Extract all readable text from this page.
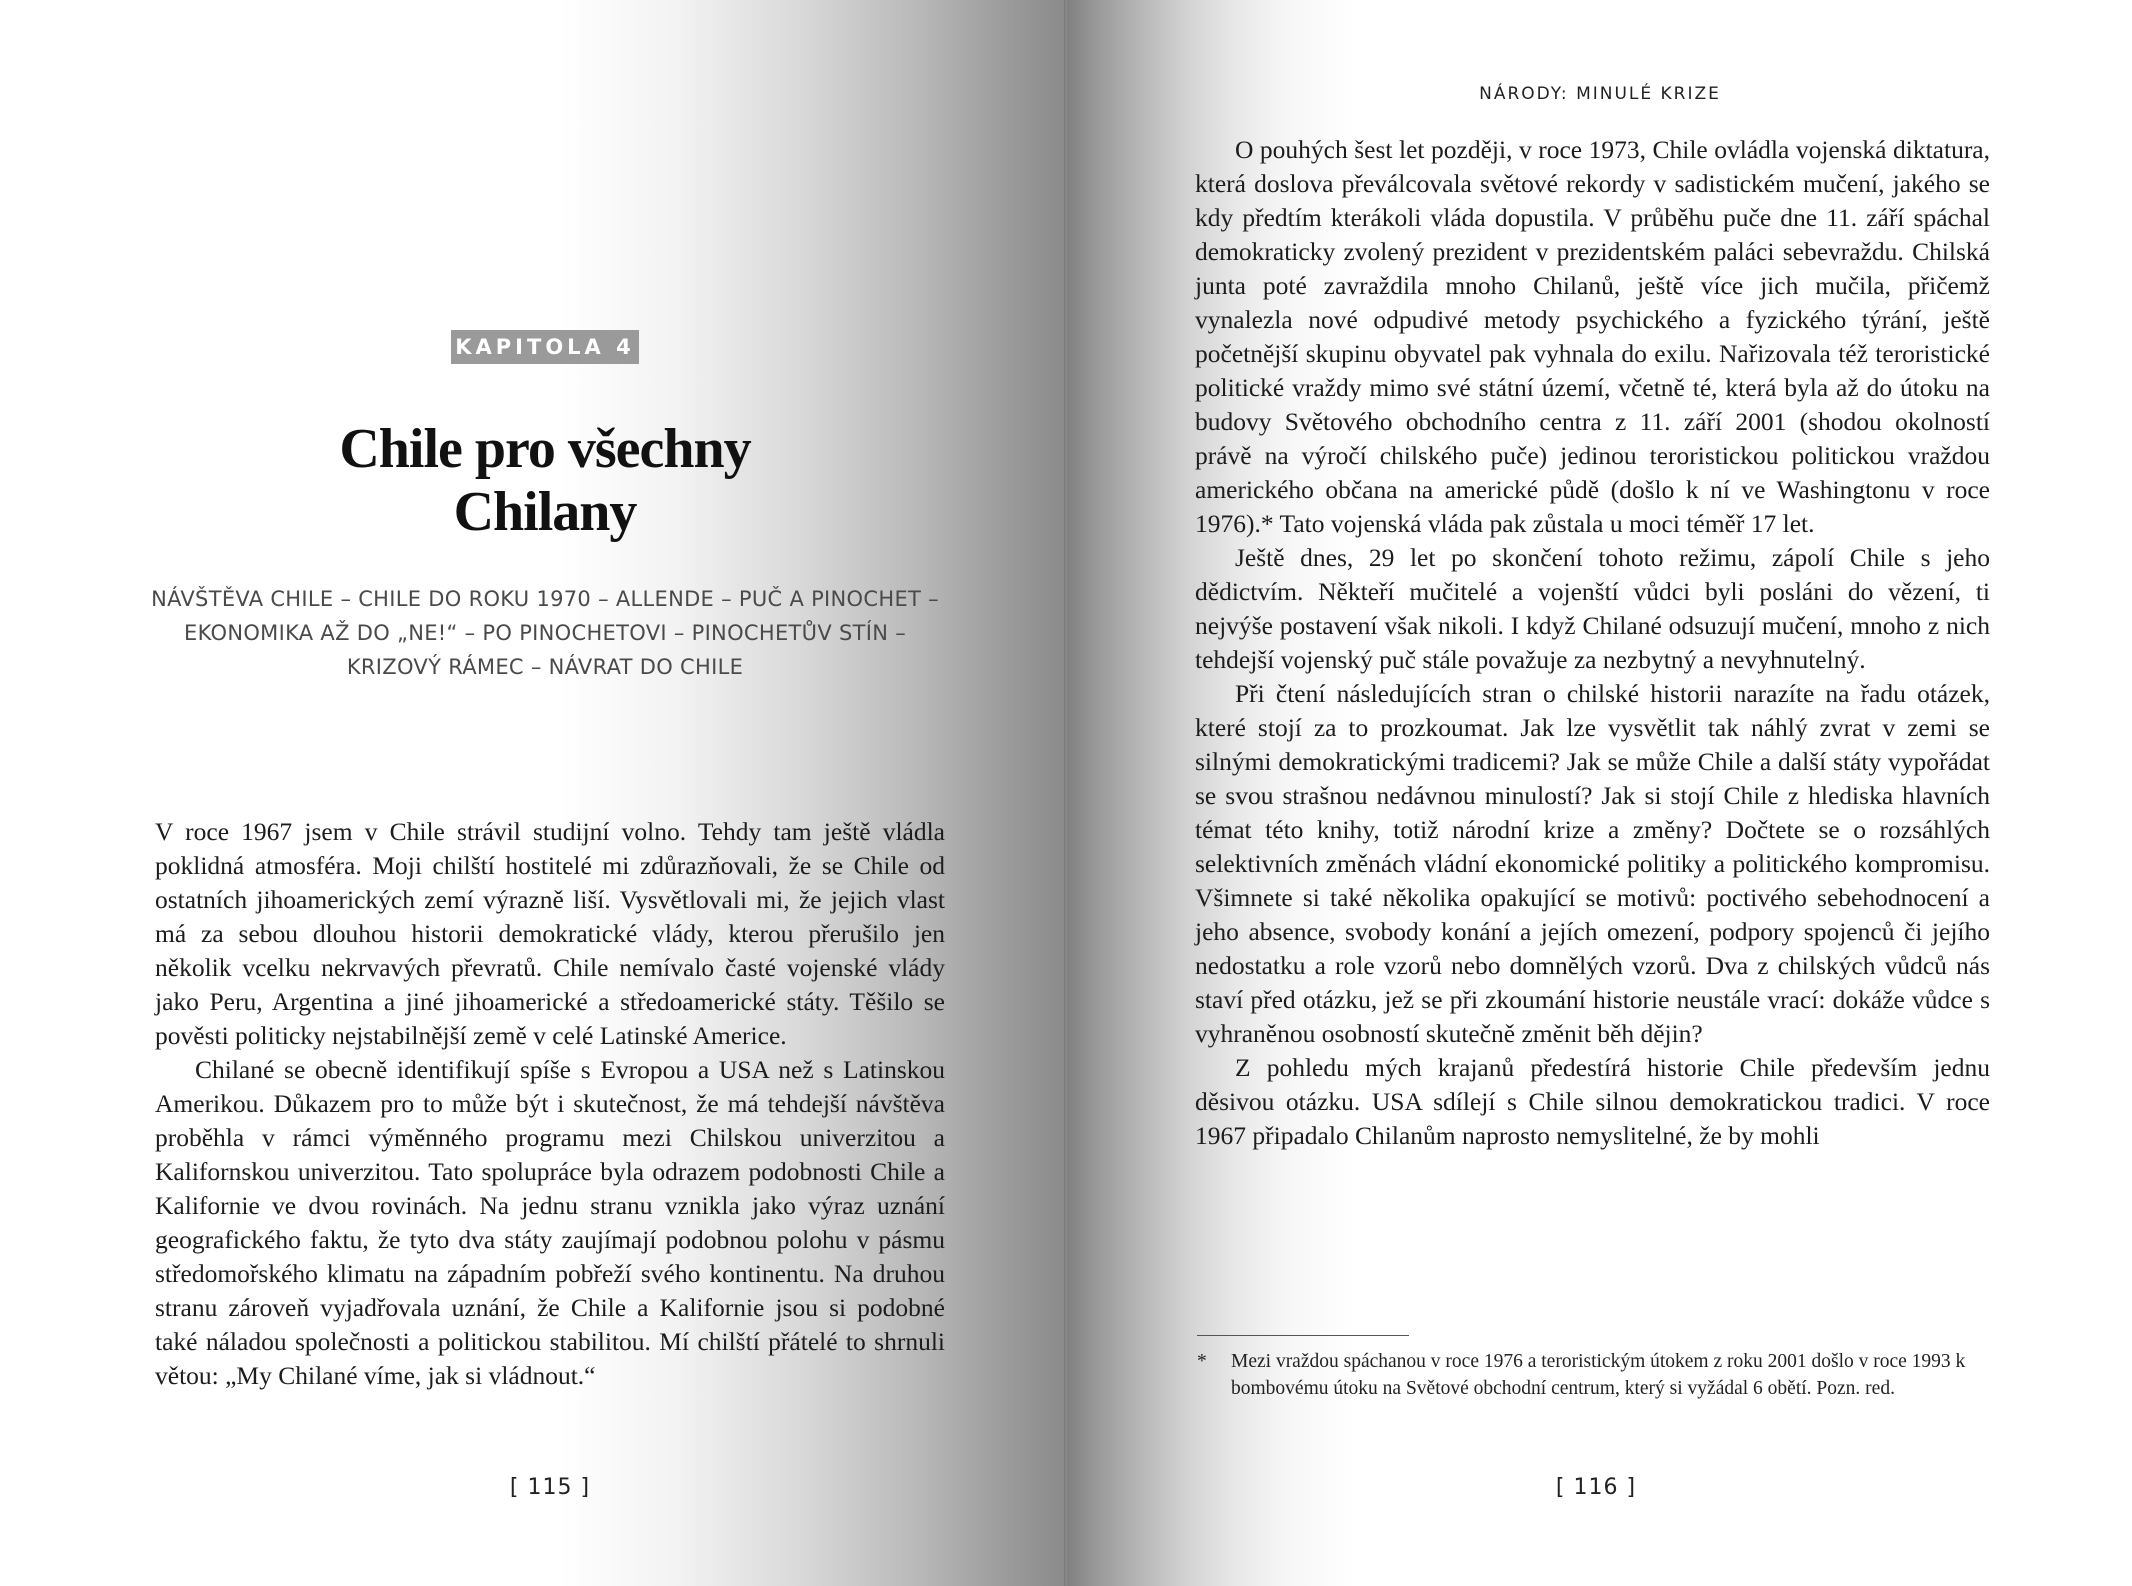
KAPITOLA 4
Chile pro všechny
Chilany
NÁVŠTĚVA CHILE – CHILE DO ROKU 1970 – ALLENDE – PUČ A PINOCHET –
EKONOMIKA AŽ DO „NE!“ – PO PINOCHETOVI – PINOCHETŮV STÍN –
KRIZOVÝ RÁMEC – NÁVRAT DO CHILE

V roce 1967 jsem v Chile strávil studijní volno. Tehdy tam ještě vládla poklidná atmosféra. Moji chilští hostitelé mi zdůrazňovali, že se Chile od ostatních jihoamerických zemí výrazně liší. Vysvětlovali mi, že jejich vlast má za sebou dlouhou historii demokratické vlády, kterou přerušilo jen několik vcelku nekrvavých převratů. Chile nemívalo časté vojenské vlády jako Peru, Argentina a jiné jihoamerické a středoamerické státy. Těšilo se pověsti politicky nejstabilnější země v celé Latinské Americe.

Chilané se obecně identifikují spíše s Evropou a USA než s Latinskou Amerikou. Důkazem pro to může být i skutečnost, že má tehdejší návštěva proběhla v rámci výměnného programu mezi Chilskou univerzitou a Kalifornskou univerzitou. Tato spolupráce byla odrazem podobnosti Chile a Kalifornie ve dvou rovinách. Na jednu stranu vznikla jako výraz uznání geografického faktu, že tyto dva státy zaujímají podobnou polohu v pásmu středomořského klimatu na západním pobřeží svého kontinentu. Na druhou stranu zároveň vyjadřovala uznání, že Chile a Kalifornie jsou si podobné také náladou společnosti a politickou stabilitou. Mí chilští přátelé to shrnuli větou: „My Chilané víme, jak si vládnout.“

[ 115 ]
NÁRODY: MINULÉ KRIZE

O pouhých šest let později, v roce 1973, Chile ovládla vojenská diktatura, která doslova převálcovala světové rekordy v sadistickém mučení, jakého se kdy předtím kterákoli vláda dopustila. V průběhu puče dne 11. září spáchal demokraticky zvolený prezident v prezidentském paláci sebevraždu. Chilská junta poté zavraždila mnoho Chilanů, ještě více jich mučila, přičemž vynalezla nové odpudivé metody psychického a fyzického týrání, ještě početnější skupinu obyvatel pak vyhnala do exilu. Nařizovala též teroristické politické vraždy mimo své státní území, včetně té, která byla až do útoku na budovy Světového obchodního centra z 11. září 2001 (shodou okolností právě na výročí chilského puče) jedinou teroristickou politickou vraždou amerického občana na americké půdě (došlo k ní ve Washingtonu v roce 1976).* Tato vojenská vláda pak zůstala u moci téměř 17 let.

Ještě dnes, 29 let po skončení tohoto režimu, zápolí Chile s jeho dědictvím. Někteří mučitelé a vojenští vůdci byli posláni do vězení, ti nejvýše postavení však nikoli. I když Chilané odsuzují mučení, mnoho z nich tehdejší vojenský puč stále považuje za nezbytný a nevyhnutelný.

Při čtení následujících stran o chilské historii narazíte na řadu otázek, které stojí za to prozkoumat. Jak lze vysvětlit tak náhlý zvrat v zemi se silnými demokratickými tradicemi? Jak se může Chile a další státy vypořádat se svou strašnou nedávnou minulostí? Jak si stojí Chile z hlediska hlavních témat této knihy, totiž národní krize a změny? Dočtete se o rozsáhlých selektivních změnách vládní ekonomické politiky a politického kompromisu. Všimnete si také několika opakující se motivů: poctivého sebehodnocení a jeho absence, svobody konání a jejích omezení, podpory spojenců či jejího nedostatku a role vzorů nebo domnělých vzorů. Dva z chilských vůdců nás staví před otázku, jež se při zkoumání historie neustále vrací: dokáže vůdce s vyhraněnou osobností skutečně změnit běh dějin?

Z pohledu mých krajanů předestírá historie Chile především jednu děsivou otázku. USA sdílejí s Chile silnou demokratickou tradici. V roce 1967 připadalo Chilanům naprosto nemyslitelné, že by mohli

* Mezi vraždou spáchanou v roce 1976 a teroristickým útokem z roku 2001 došlo v roce 1993 k bombovému útoku na Světové obchodní centrum, který si vyžádal 6 obětí. Pozn. red.
[ 116 ]
